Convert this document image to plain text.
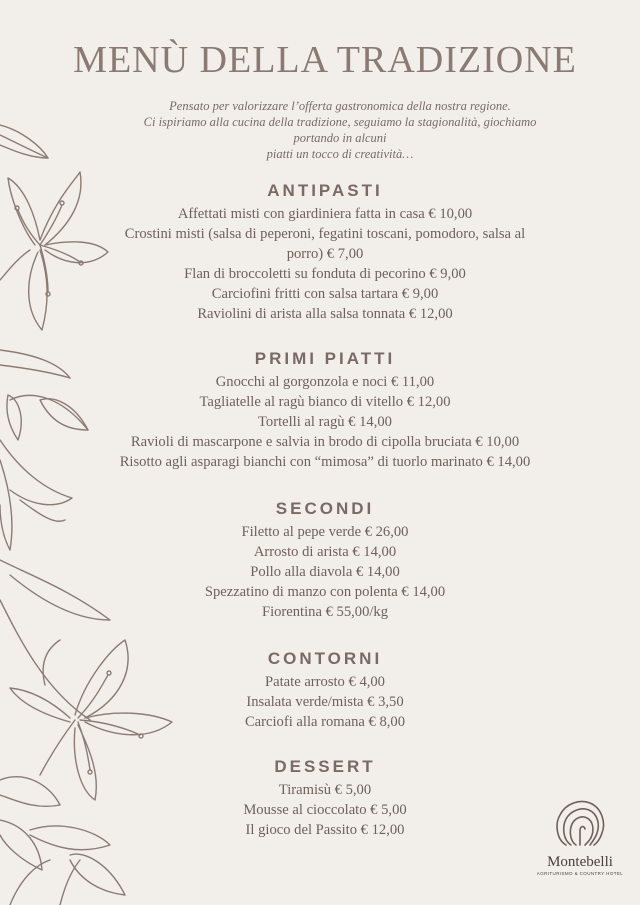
MENÙ DELLA TRADIZIONE
Pensato per valorizzare l’offerta gastronomica della nostra regione.
Ci ispiriamo alla cucina della tradizione, seguiamo la stagionalità, giochiamo
portando in alcuni
piatti un tocco di creatività…
ANTIPASTI
Affettati misti con giardiniera fatta in casa € 10,00
Crostini misti (salsa di peperoni, fegatini toscani, pomodoro, salsa al
porro) € 7,00
Flan di broccoletti su fonduta di pecorino € 9,00
Carciofini fritti con salsa tartara € 9,00
Raviolini di arista alla salsa tonnata € 12,00
PRIMI PIATTI
Gnocchi al gorgonzola e noci € 11,00
Tagliatelle al ragù bianco di vitello € 12,00
Tortelli al ragù € 14,00
Ravioli di mascarpone e salvia in brodo di cipolla bruciata € 10,00
Risotto agli asparagi bianchi con “mimosa” di tuorlo marinato € 14,00
SECONDI
Filetto al pepe verde € 26,00
Arrosto di arista € 14,00
Pollo alla diavola € 14,00
Spezzatino di manzo con polenta € 14,00
Fiorentina € 55,00/kg
CONTORNI
Patate arrosto € 4,00
Insalata verde/mista € 3,50
Carciofi alla romana € 8,00
DESSERT
Tiramisù € 5,00
Mousse al cioccolato € 5,00
Il gioco del Passito € 12,00
Montebelli
AGRITURISMO & COUNTRY HOTEL
